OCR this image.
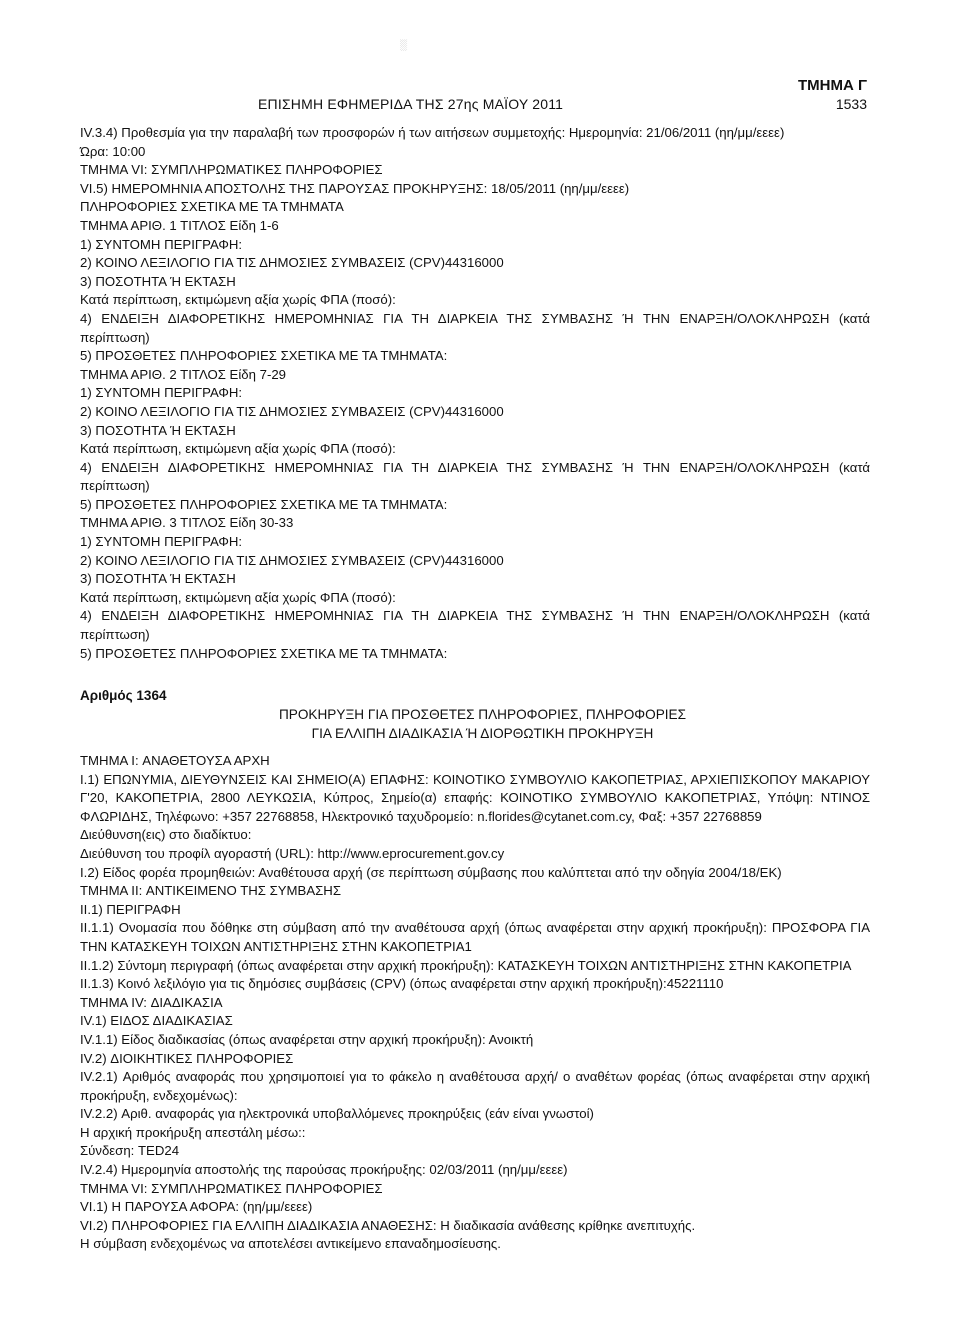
░
ΤΜΗΜΑ Γ
1533
ΕΠΙΣΗΜΗ ΕΦΗΜΕΡΙΔΑ ΤΗΣ 27ης ΜΑΪΟΥ 2011
IV.3.4) Προθεσμία για την παραλαβή των προσφορών ή των αιτήσεων συμμετοχής: Ημερομηνία: 21/06/2011 (ηη/μμ/εεεε)
Ώρα: 10:00
ΤΜΗΜΑ VI: ΣΥΜΠΛΗΡΩΜΑΤΙΚΕΣ ΠΛΗΡΟΦΟΡΙΕΣ
VI.5) ΗΜΕΡΟΜΗΝΙΑ ΑΠΟΣΤΟΛΗΣ ΤΗΣ ΠΑΡΟΥΣΑΣ ΠΡΟΚΗΡΥΞΗΣ: 18/05/2011 (ηη/μμ/εεεε)
ΠΛΗΡΟΦΟΡΙΕΣ ΣΧΕΤΙΚΑ ΜΕ ΤΑ ΤΜΗΜΑΤΑ
ΤΜΗΜΑ ΑΡΙΘ. 1 ΤΙΤΛΟΣ Είδη 1-6
1) ΣΥΝΤΟΜΗ ΠΕΡΙΓΡΑΦΗ:
2) ΚΟΙΝΟ ΛΕΞΙΛΟΓΙΟ ΓΙΑ ΤΙΣ ΔΗΜΟΣΙΕΣ ΣΥΜΒΑΣΕΙΣ (CPV)44316000
3) ΠΟΣΟΤΗΤΑ Ή ΕΚΤΑΣΗ
Κατά περίπτωση, εκτιμώμενη αξία χωρίς ΦΠΑ (ποσό):
4) ΕΝΔΕΙΞΗ ΔΙΑΦΟΡΕΤΙΚΗΣ ΗΜΕΡΟΜΗΝΙΑΣ ΓΙΑ ΤΗ ΔΙΑΡΚΕΙΑ ΤΗΣ ΣΥΜΒΑΣΗΣ Ή ΤΗΝ ΕΝΑΡΞΗ/ΟΛΟΚΛΗΡΩΣΗ (κατά περίπτωση)
5) ΠΡΟΣΘΕΤΕΣ ΠΛΗΡΟΦΟΡΙΕΣ ΣΧΕΤΙΚΑ ΜΕ ΤΑ ΤΜΗΜΑΤΑ:
ΤΜΗΜΑ ΑΡΙΘ. 2 ΤΙΤΛΟΣ Είδη 7-29
1) ΣΥΝΤΟΜΗ ΠΕΡΙΓΡΑΦΗ:
2) ΚΟΙΝΟ ΛΕΞΙΛΟΓΙΟ ΓΙΑ ΤΙΣ ΔΗΜΟΣΙΕΣ ΣΥΜΒΑΣΕΙΣ (CPV)44316000
3) ΠΟΣΟΤΗΤΑ Ή ΕΚΤΑΣΗ
Κατά περίπτωση, εκτιμώμενη αξία χωρίς ΦΠΑ (ποσό):
4) ΕΝΔΕΙΞΗ ΔΙΑΦΟΡΕΤΙΚΗΣ ΗΜΕΡΟΜΗΝΙΑΣ ΓΙΑ ΤΗ ΔΙΑΡΚΕΙΑ ΤΗΣ ΣΥΜΒΑΣΗΣ Ή ΤΗΝ ΕΝΑΡΞΗ/ΟΛΟΚΛΗΡΩΣΗ (κατά περίπτωση)
5) ΠΡΟΣΘΕΤΕΣ ΠΛΗΡΟΦΟΡΙΕΣ ΣΧΕΤΙΚΑ ΜΕ ΤΑ ΤΜΗΜΑΤΑ:
ΤΜΗΜΑ ΑΡΙΘ. 3 ΤΙΤΛΟΣ Είδη 30-33
1) ΣΥΝΤΟΜΗ ΠΕΡΙΓΡΑΦΗ:
2) ΚΟΙΝΟ ΛΕΞΙΛΟΓΙΟ ΓΙΑ ΤΙΣ ΔΗΜΟΣΙΕΣ ΣΥΜΒΑΣΕΙΣ (CPV)44316000
3) ΠΟΣΟΤΗΤΑ Ή ΕΚΤΑΣΗ
Κατά περίπτωση, εκτιμώμενη αξία χωρίς ΦΠΑ (ποσό):
4) ΕΝΔΕΙΞΗ ΔΙΑΦΟΡΕΤΙΚΗΣ ΗΜΕΡΟΜΗΝΙΑΣ ΓΙΑ ΤΗ ΔΙΑΡΚΕΙΑ ΤΗΣ ΣΥΜΒΑΣΗΣ Ή ΤΗΝ ΕΝΑΡΞΗ/ΟΛΟΚΛΗΡΩΣΗ (κατά περίπτωση)
5) ΠΡΟΣΘΕΤΕΣ ΠΛΗΡΟΦΟΡΙΕΣ ΣΧΕΤΙΚΑ ΜΕ ΤΑ ΤΜΗΜΑΤΑ:
Αριθμός 1364
ΠΡΟΚΗΡΥΞΗ ΓΙΑ ΠΡΟΣΘΕΤΕΣ ΠΛΗΡΟΦΟΡΙΕΣ, ΠΛΗΡΟΦΟΡΙΕΣ
ΓΙΑ ΕΛΛΙΠΗ ΔΙΑΔΙΚΑΣΙΑ Ή ΔΙΟΡΘΩΤΙΚΗ ΠΡΟΚΗΡΥΞΗ
ΤΜΗΜΑ I: ΑΝΑΘΕΤΟΥΣΑ ΑΡΧΗ
I.1) ΕΠΩΝΥΜΙΑ, ΔΙΕΥΘΥΝΣΕΙΣ ΚΑΙ ΣΗΜΕΙΟ(Α) ΕΠΑΦΗΣ: ΚΟΙΝΟΤΙΚΟ ΣΥΜΒΟΥΛΙΟ ΚΑΚΟΠΕΤΡΙΑΣ, ΑΡΧΙΕΠΙΣΚΟΠΟΥ ΜΑΚΑΡΙΟΥ Γ'20, ΚΑΚΟΠΕΤΡΙΑ, 2800 ΛΕΥΚΩΣΙΑ, Κύπρος, Σημείο(α) επαφής: ΚΟΙΝΟΤΙΚΟ ΣΥΜΒΟΥΛΙΟ ΚΑΚΟΠΕΤΡΙΑΣ, Υπόψη: ΝΤΙΝΟΣ ΦΛΩΡΙΔΗΣ, Τηλέφωνο: +357 22768858, Ηλεκτρονικό ταχυδρομείο: n.florides@cytanet.com.cy, Φαξ: +357 22768859
Διεύθυνση(εις) στο διαδίκτυο:
Διεύθυνση του προφίλ αγοραστή (URL): http://www.eprocurement.gov.cy
I.2) Είδος φορέα προμηθειών: Αναθέτουσα αρχή (σε περίπτωση σύμβασης που καλύπτεται από την οδηγία 2004/18/ΕΚ)
ΤΜΗΜΑ II: ΑΝΤΙΚΕΙΜΕΝΟ ΤΗΣ ΣΥΜΒΑΣΗΣ
II.1) ΠΕΡΙΓΡΑΦΗ
II.1.1) Ονομασία που δόθηκε στη σύμβαση από την αναθέτουσα αρχή (όπως αναφέρεται στην αρχική προκήρυξη): ΠΡΟΣΦΟΡΑ ΓΙΑ ΤΗΝ ΚΑΤΑΣΚΕΥΗ ΤΟΙΧΩΝ ΑΝΤΙΣΤΗΡΙΞΗΣ ΣΤΗΝ ΚΑΚΟΠΕΤΡΙΑ1
II.1.2) Σύντομη περιγραφή (όπως αναφέρεται στην αρχική προκήρυξη): ΚΑΤΑΣΚΕΥΗ ΤΟΙΧΩΝ ΑΝΤΙΣΤΗΡΙΞΗΣ ΣΤΗΝ ΚΑΚΟΠΕΤΡΙΑ
II.1.3) Κοινό λεξιλόγιο για τις δημόσιες συμβάσεις (CPV) (όπως αναφέρεται στην αρχική προκήρυξη):45221110
ΤΜΗΜΑ IV: ΔΙΑΔΙΚΑΣΙΑ
IV.1) ΕΙΔΟΣ ΔΙΑΔΙΚΑΣΙΑΣ
IV.1.1) Είδος διαδικασίας (όπως αναφέρεται στην αρχική προκήρυξη): Ανοικτή
IV.2) ΔΙΟΙΚΗΤΙΚΕΣ ΠΛΗΡΟΦΟΡΙΕΣ
IV.2.1) Αριθμός αναφοράς που χρησιμοποιεί για το φάκελο η αναθέτουσα αρχή/ ο αναθέτων φορέας (όπως αναφέρεται στην αρχική προκήρυξη, ενδεχομένως):
IV.2.2) Αριθ. αναφοράς για ηλεκτρονικά υποβαλλόμενες προκηρύξεις (εάν είναι γνωστοί)
Η αρχική προκήρυξη απεστάλη μέσω::
Σύνδεση: TED24
IV.2.4) Ημερομηνία αποστολής της παρούσας προκήρυξης: 02/03/2011 (ηη/μμ/εεεε)
ΤΜΗΜΑ VI: ΣΥΜΠΛΗΡΩΜΑΤΙΚΕΣ ΠΛΗΡΟΦΟΡΙΕΣ
VI.1) Η ΠΑΡΟΥΣΑ ΑΦΟΡΑ: (ηη/μμ/εεεε)
VI.2) ΠΛΗΡΟΦΟΡΙΕΣ ΓΙΑ ΕΛΛΙΠΗ ΔΙΑΔΙΚΑΣΙΑ ΑΝΑΘΕΣΗΣ: Η διαδικασία ανάθεσης κρίθηκε ανεπιτυχής.
Η σύμβαση ενδεχομένως να αποτελέσει αντικείμενο επαναδημοσίευσης.
